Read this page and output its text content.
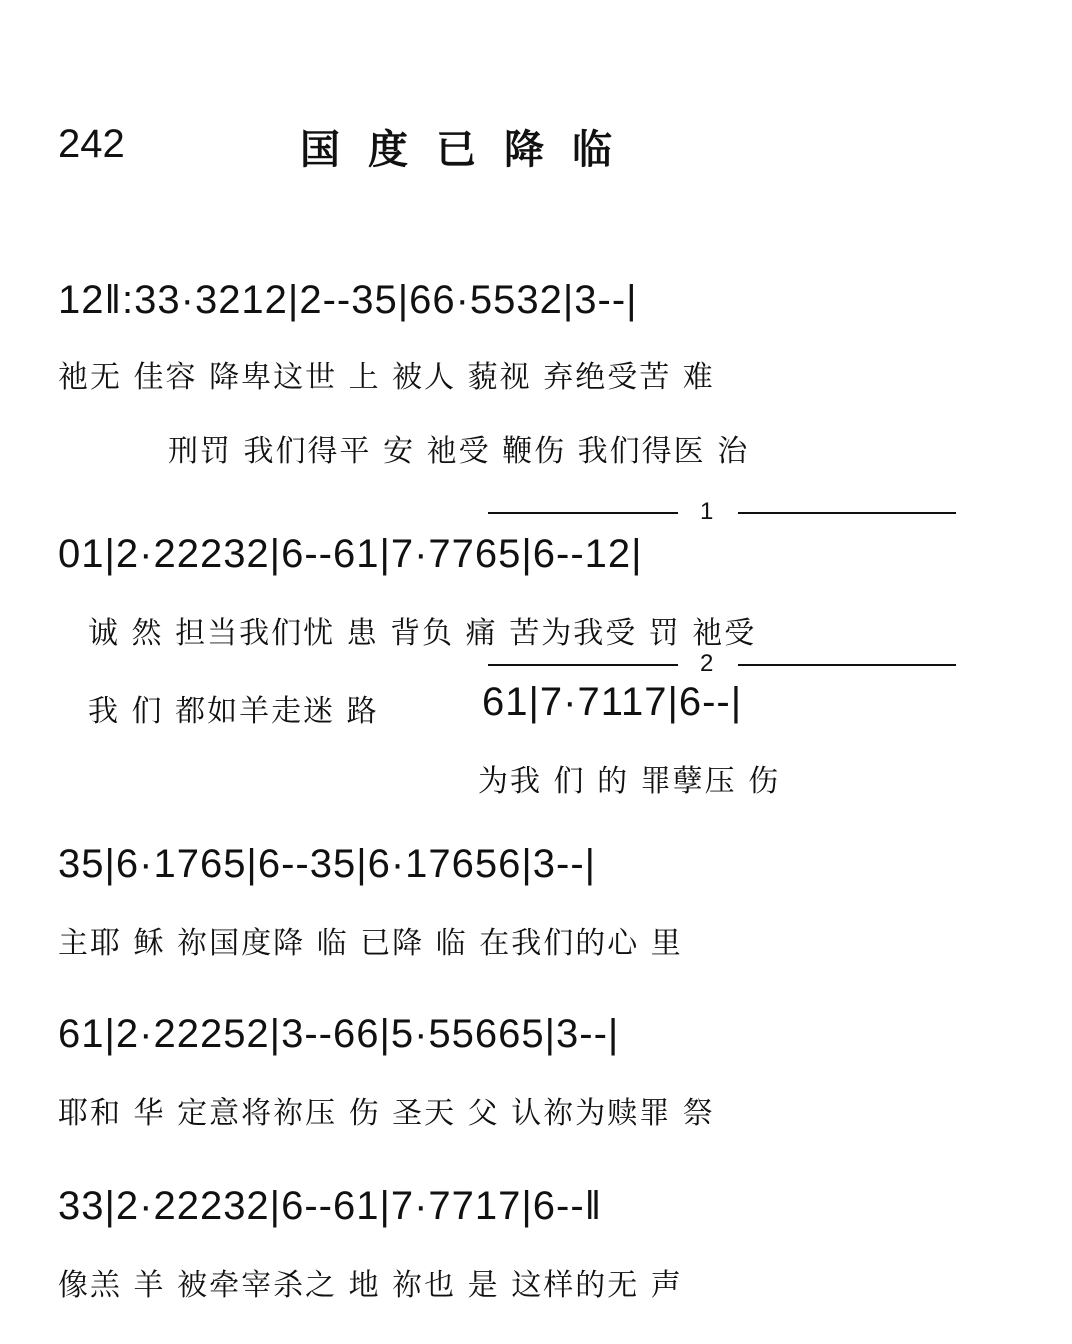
242	国度已降临
12‖:33·3212|2--35|66·5532|3--|
祂无 佳容 降卑这世 上 被人 藐视 弃绝受苦 难
刑罚 我们得平 安 祂受 鞭伤 我们得医 治
1
01|2·22232|6--61|7·7765|6--12|
诚 然 担当我们忧 患 背负 痛 苦为我受 罚 祂受
2
我 们 都如羊走迷 路	61|7·7117|6--|
为我 们 的 罪孽压 伤
35|6·1765|6--35|6·17656|3--|
主耶 稣 祢国度降 临 已降 临 在我们的心 里
61|2·22252|3--66|5·55665|3--|
耶和 华 定意将祢压 伤 圣天 父 认祢为赎罪 祭
33|2·22232|6--61|7·7717|6--‖
像羔 羊 被牵宰杀之 地 祢也 是 这样的无 声
